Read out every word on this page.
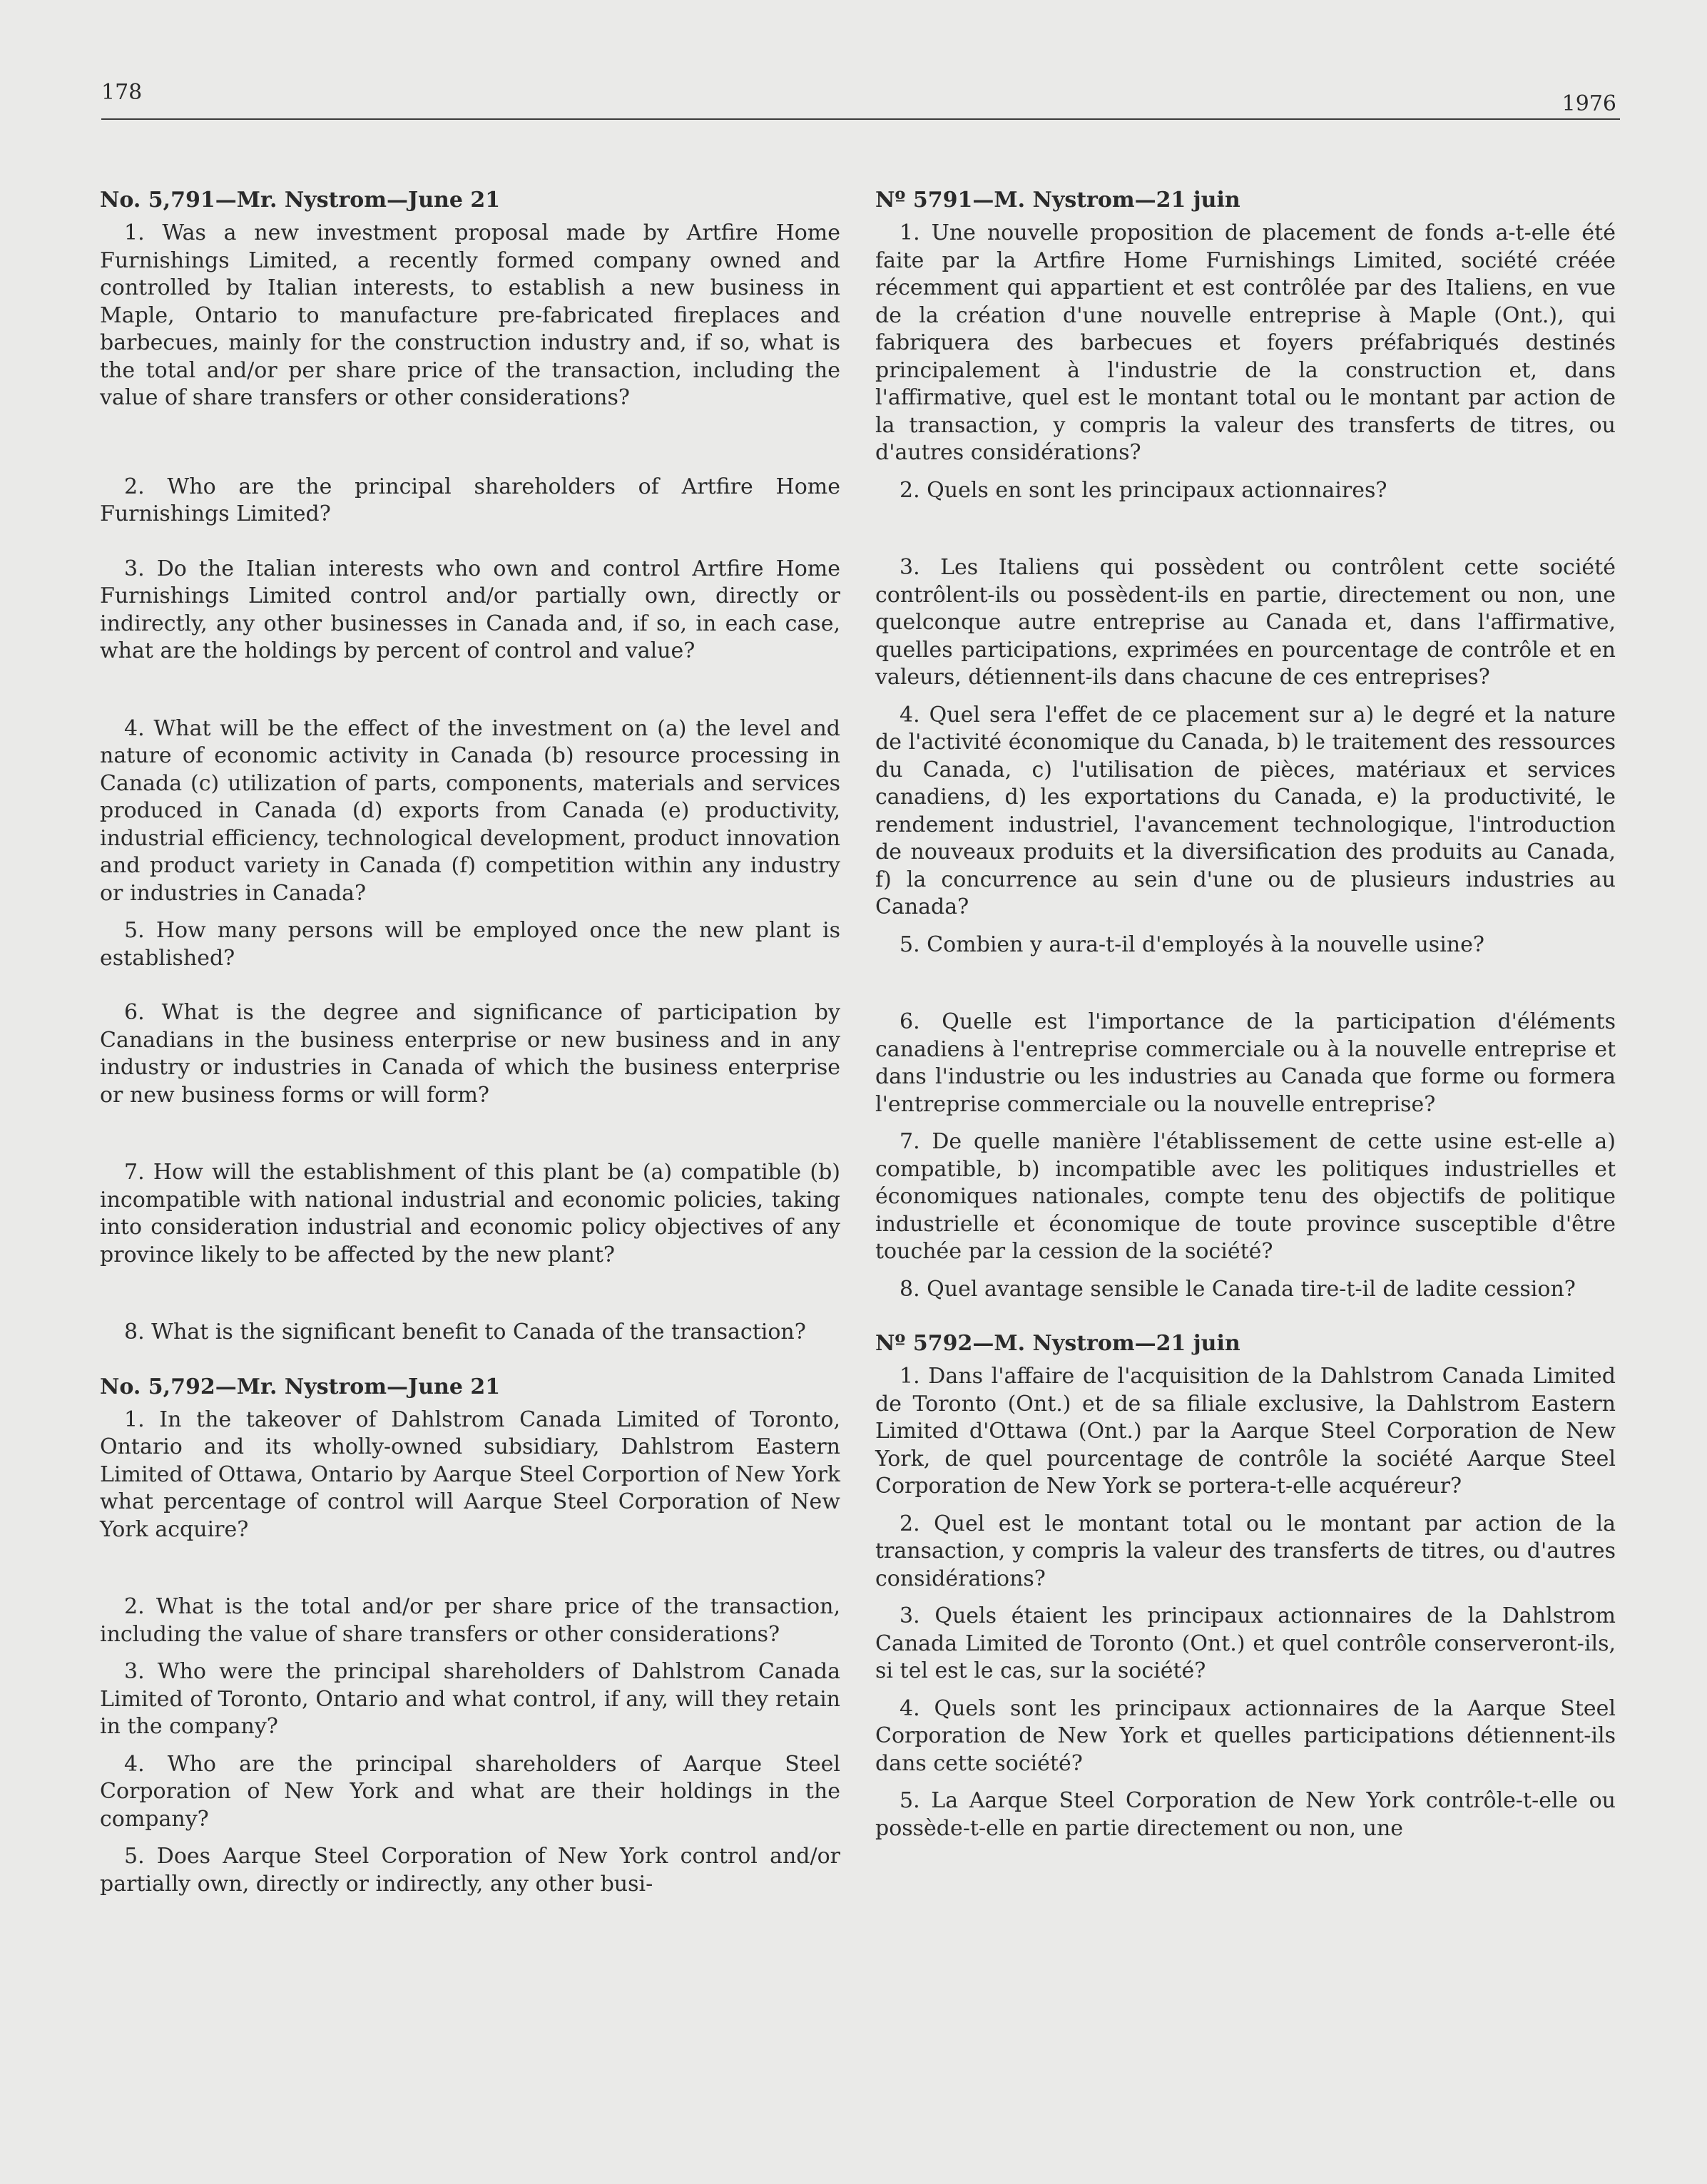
178	1976
No. 5,791—Mr. Nystrom—June 21

1. Was a new investment proposal made by Artfire Home Furnishings Limited, a recently formed company owned and controlled by Italian interests, to establish a new business in Maple, Ontario to manufacture pre-fabricated fireplaces and barbecues, mainly for the construction industry and, if so, what is the total and/or per share price of the transaction, including the value of share transfers or other considerations?

2. Who are the principal shareholders of Artfire Home Furnishings Limited?

3. Do the Italian interests who own and control Artfire Home Furnishings Limited control and/or partially own, directly or indirectly, any other businesses in Canada and, if so, in each case, what are the holdings by percent of control and value?

4. What will be the effect of the investment on (a) the level and nature of economic activity in Canada (b) resource processing in Canada (c) utilization of parts, components, materials and services produced in Canada (d) exports from Canada (e) productivity, industrial efficiency, technological development, product innovation and product variety in Canada (f) competition within any industry or industries in Canada?

5. How many persons will be employed once the new plant is established?

6. What is the degree and significance of participation by Canadians in the business enterprise or new business and in any industry or industries in Canada of which the business enterprise or new business forms or will form?

7. How will the establishment of this plant be (a) compatible (b) incompatible with national industrial and economic policies, taking into consideration industrial and economic policy objectives of any province likely to be affected by the new plant?

8. What is the significant benefit to Canada of the transaction?

No. 5,792—Mr. Nystrom—June 21

1. In the takeover of Dahlstrom Canada Limited of Toronto, Ontario and its wholly-owned subsidiary, Dahlstrom Eastern Limited of Ottawa, Ontario by Aarque Steel Corportion of New York what percentage of control will Aarque Steel Corporation of New York acquire?

2. What is the total and/or per share price of the transaction, including the value of share transfers or other considerations?

3. Who were the principal shareholders of Dahlstrom Canada Limited of Toronto, Ontario and what control, if any, will they retain in the company?

4. Who are the principal shareholders of Aarque Steel Corporation of New York and what are their holdings in the company?

5. Does Aarque Steel Corporation of New York control and/or partially own, directly or indirectly, any other busi-

Nº 5791—M. Nystrom—21 juin

1. Une nouvelle proposition de placement de fonds a-t-elle été faite par la Artfire Home Furnishings Limited, société créée récemment qui appartient et est contrôlée par des Italiens, en vue de la création d'une nouvelle entreprise à Maple (Ont.), qui fabriquera des barbecues et foyers préfabriqués destinés principalement à l'industrie de la construction et, dans l'affirmative, quel est le montant total ou le montant par action de la transaction, y compris la valeur des transferts de titres, ou d'autres considérations?

2. Quels en sont les principaux actionnaires?

3. Les Italiens qui possèdent ou contrôlent cette société contrôlent-ils ou possèdent-ils en partie, directement ou non, une quelconque autre entreprise au Canada et, dans l'affirmative, quelles participations, exprimées en pourcentage de contrôle et en valeurs, détiennent-ils dans chacune de ces entreprises?

4. Quel sera l'effet de ce placement sur a) le degré et la nature de l'activité économique du Canada, b) le traitement des ressources du Canada, c) l'utilisation de pièces, matériaux et services canadiens, d) les exportations du Canada, e) la productivité, le rendement industriel, l'avancement technologique, l'introduction de nouveaux produits et la diversification des produits au Canada, f) la concurrence au sein d'une ou de plusieurs industries au Canada?

5. Combien y aura-t-il d'employés à la nouvelle usine?

6. Quelle est l'importance de la participation d'éléments canadiens à l'entreprise commerciale ou à la nouvelle entreprise et dans l'industrie ou les industries au Canada que forme ou formera l'entreprise commerciale ou la nouvelle entreprise?

7. De quelle manière l'établissement de cette usine est-elle a) compatible, b) incompatible avec les politiques industrielles et économiques nationales, compte tenu des objectifs de politique industrielle et économique de toute province susceptible d'être touchée par la cession de la société?

8. Quel avantage sensible le Canada tire-t-il de ladite cession?

Nº 5792—M. Nystrom—21 juin

1. Dans l'affaire de l'acquisition de la Dahlstrom Canada Limited de Toronto (Ont.) et de sa filiale exclusive, la Dahlstrom Eastern Limited d'Ottawa (Ont.) par la Aarque Steel Corporation de New York, de quel pourcentage de contrôle la société Aarque Steel Corporation de New York se portera-t-elle acquéreur?

2. Quel est le montant total ou le montant par action de la transaction, y compris la valeur des transferts de titres, ou d'autres considérations?

3. Quels étaient les principaux actionnaires de la Dahlstrom Canada Limited de Toronto (Ont.) et quel contrôle conserveront-ils, si tel est le cas, sur la société?

4. Quels sont les principaux actionnaires de la Aarque Steel Corporation de New York et quelles participations détiennent-ils dans cette société?

5. La Aarque Steel Corporation de New York contrôle-t-elle ou possède-t-elle en partie directement ou non, une
